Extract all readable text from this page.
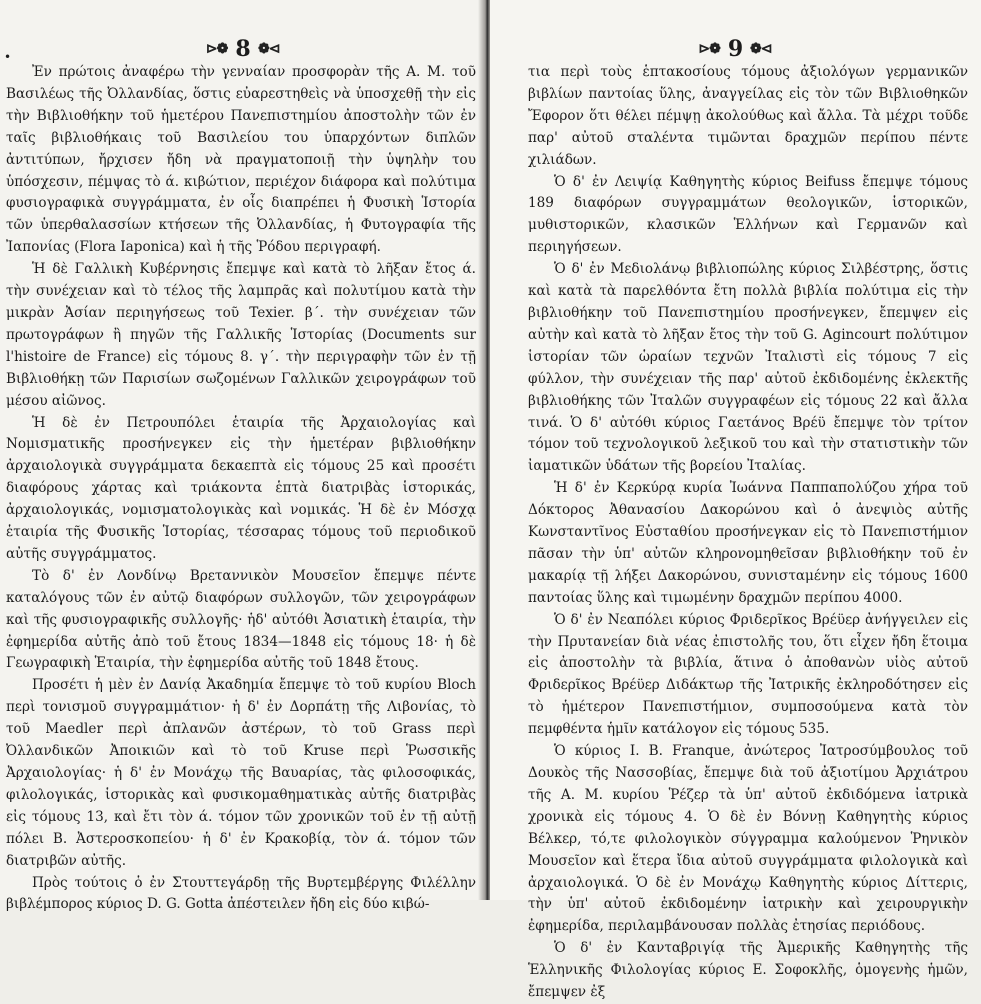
•	⊳❁ 8 ⊳❁

Ἐν πρώτοις ἀναφέρω τὴν γενναίαν προσφορὰν τῆς Α. Μ. τοῦ Βασιλέως τῆς Ὀλλανδίας, ὅστις εὐαρεστηθεὶς νὰ ὑποσχεθῇ τὴν εἰς τὴν Βιβλιοθήκην τοῦ ἡμετέρου Πανεπιστημίου ἀποστολὴν τῶν ἐν ταῖς βιβλιοθήκαις τοῦ Βασιλείου του ὑπαρχόντων διπλῶν ἀντιτύπων, ἤρχισεν ἤδη νὰ πραγματοποιῇ τὴν ὑψηλὴν του ὑπόσχεσιν, πέμψας τὸ ά. κιβώτιον, περιέχον διάφορα καὶ πολύτιμα φυσιογραφικὰ συγγράμματα, ἐν οἷς διαπρέπει ἡ Φυσικὴ Ἱστορία τῶν ὑπερθαλασσίων κτήσεων τῆς Ὀλλανδίας, ἡ Φυτογραφία τῆς Ἰαπονίας (Flora Iaponica) καὶ ἡ τῆς Ῥόδου περιγραφή.

Ἡ δὲ Γαλλικὴ Κυβέρνησις ἔπεμψε καὶ κατὰ τὸ λῆξαν ἔτος ά. τὴν συνέχειαν καὶ τὸ τέλος τῆς λαμπρᾶς καὶ πολυτίμου κατὰ τὴν μικρὰν Ἀσίαν περιηγήσεως τοῦ Texier. β΄. τὴν συνέχειαν τῶν πρωτογράφων ἢ πηγῶν τῆς Γαλλικῆς Ἱστορίας (Documents sur l'histoire de France) εἰς τόμους 8. γ΄. τὴν περιγραφὴν τῶν ἐν τῇ Βιβλιοθήκῃ τῶν Παρισίων σωζομένων Γαλλικῶν χειρογράφων τοῦ μέσου αἰῶνος.

Ἡ δὲ ἐν Πετρουπόλει ἑταιρία τῆς Ἀρχαιολογίας καὶ Νομισματικῆς προσήνεγκεν εἰς τὴν ἡμετέραν βιβλιοθήκην ἀρχαιολογικὰ συγγράμματα δεκαεπτὰ εἰς τόμους 25 καὶ προσέτι διαφόρους χάρτας καὶ τριάκοντα ἑπτὰ διατριβὰς ἱστορικάς, ἀρχαιολογικάς, νομισματολογικὰς καὶ νομικάς. Ἡ δὲ ἐν Μόσχᾳ ἑταιρία τῆς Φυσικῆς Ἱστορίας, τέσσαρας τόμους τοῦ περιοδικοῦ αὐτῆς συγγράμματος.

Τὸ δ' ἐν Λονδίνῳ Βρεταννικὸν Μουσεῖον ἔπεμψε πέντε καταλόγους τῶν ἐν αὐτῷ διαφόρων συλλογῶν, τῶν χειρογράφων καὶ τῆς φυσιογραφικῆς συλλογῆς· ἡδ' αὐτόθι Ἀσιατικὴ ἑταιρία, τὴν ἐφημερίδα αὐτῆς ἀπὸ τοῦ ἔτους 1834—1848 εἰς τόμους 18· ἡ δὲ Γεωγραφικὴ Ἑταιρία, τὴν ἐφημερίδα αὐτῆς τοῦ 1848 ἔτους.

Προσέτι ἡ μὲν ἐν Δανίᾳ Ἀκαδημία ἔπεμψε τὸ τοῦ κυρίου Bloch περὶ τονισμοῦ συγγραμμάτιον· ἡ δ' ἐν Δορπάτῃ τῆς Λιβονίας, τὸ τοῦ Maedler περὶ ἀπλανῶν ἀστέρων, τὸ τοῦ Grass περὶ Ὀλλανδικῶν Ἀποικιῶν καὶ τὸ τοῦ Kruse περὶ Ῥωσσικῆς Ἀρχαιολογίας· ἡ δ' ἐν Μονάχῳ τῆς Βαυαρίας, τὰς φιλοσοφικάς, φιλολογικάς, ἱστορικὰς καὶ φυσικομαθηματικὰς αὐτῆς διατριβὰς εἰς τόμους 13, καὶ ἔτι τὸν ά. τόμον τῶν χρονικῶν τοῦ ἐν τῇ αὐτῇ πόλει Β. Ἀστεροσκοπείου· ἡ δ' ἐν Κρακοβίᾳ, τὸν ά. τόμον τῶν διατριβῶν αὐτῆς.

Πρὸς τούτοις ὁ ἐν Στουττεγάρδῃ τῆς Βυρτεμβέργης Φιλέλλην βιβλέμπορος κύριος D. G. Gotta ἀπέστειλεν ἤδη εἰς δύο κιβώ-

⊳❁ 9 ⊳❁

τια περὶ τοὺς ἑπτακοσίους τόμους ἀξιολόγων γερμανικῶν βιβλίων παντοίας ὕλης, ἀναγγείλας εἰς τὸν τῶν Βιβλιοθηκῶν Ἔφορον ὅτι θέλει πέμψῃ ἀκολούθως καὶ ἄλλα. Τὰ μέχρι τοῦδε παρ' αὐτοῦ σταλέντα τιμῶνται δραχμῶν περίπου πέντε χιλιάδων.

Ὁ δ' ἐν Λειψίᾳ Καθηγητὴς κύριος Beifuss ἔπεμψε τόμους 189 διαφόρων συγγραμμάτων θεολογικῶν, ἱστορικῶν, μυθιστορικῶν, κλασικῶν Ἑλλήνων καὶ Γερμανῶν καὶ περιηγήσεων.

Ὁ δ' ἐν Μεδιολάνῳ βιβλιοπώλης κύριος Σιλβέστρης, ὅστις καὶ κατὰ τὰ παρελθόντα ἔτη πολλὰ βιβλία πολύτιμα εἰς τὴν βιβλιοθήκην τοῦ Πανεπιστημίου προσήνεγκεν, ἔπεμψεν εἰς αὐτὴν καὶ κατὰ τὸ λῆξαν ἔτος τὴν τοῦ G. Agincourt πολύτιμον ἱστορίαν τῶν ὡραίων τεχνῶν Ἰταλιστὶ εἰς τόμους 7 εἰς φύλλον, τὴν συνέχειαν τῆς παρ' αὐτοῦ ἐκδιδομένης ἐκλεκτῆς βιβλιοθήκης τῶν Ἰταλῶν συγγραφέων εἰς τόμους 22 καὶ ἄλλα τινά. Ὁ δ' αὐτόθι κύριος Γαετάνος Βρέϋ ἔπεμψε τὸν τρίτον τόμον τοῦ τεχνολογικοῦ λεξικοῦ του καὶ τὴν στατιστικὴν τῶν ἰαματικῶν ὑδάτων τῆς βορείου Ἰταλίας.

Ἡ δ' ἐν Κερκύρᾳ κυρία Ἰωάννα Παππαπολύζου χήρα τοῦ Δόκτορος Ἀθανασίου Δακορώνου καὶ ὁ ἀνεψιὸς αὐτῆς Κωνσταντῖνος Εὐσταθίου προσήνεγκαν εἰς τὸ Πανεπιστήμιον πᾶσαν τὴν ὑπ' αὐτῶν κληρονομηθεῖσαν βιβλιοθήκην τοῦ ἐν μακαρίᾳ τῇ λήξει Δακορώνου, συνισταμένην εἰς τόμους 1600 παντοίας ὕλης καὶ τιμωμένην δραχμῶν περίπου 4000.

Ὁ δ' ἐν Νεαπόλει κύριος Φριδερῖκος Βρέϋερ ἀνήγγειλεν εἰς τὴν Πρυτανείαν διὰ νέας ἐπιστολῆς του, ὅτι εἶχεν ἤδη ἕτοιμα εἰς ἀποστολὴν τὰ βιβλία, ἅτινα ὁ ἀποθανὼν υἱὸς αὐτοῦ Φριδερῖκος Βρέϋερ Διδάκτωρ τῆς Ἰατρικῆς ἐκληροδότησεν εἰς τὸ ἡμέτερον Πανεπιστήμιον, συμποσούμενα κατὰ τὸν πεμφθέντα ἡμῖν κατάλογον εἰς τόμους 535.

Ὁ κύριος I. B. Franque, ἀνώτερος Ἰατροσύμβουλος τοῦ Δουκὸς τῆς Νασσοβίας, ἔπεμψε διὰ τοῦ ἀξιοτίμου Ἀρχιάτρου τῆς Α. Μ. κυρίου Ῥέζερ τὰ ὑπ' αὐτοῦ ἐκδιδόμενα ἰατρικὰ χρονικὰ εἰς τόμους 4. Ὁ δὲ ἐν Βόννῃ Καθηγητὴς κύριος Βέλκερ, τό,τε φιλολογικὸν σύγγραμμα καλούμενον Ῥηνικὸν Μουσεῖον καὶ ἕτερα ἴδια αὐτοῦ συγγράμματα φιλολογικὰ καὶ ἀρχαιολογικά. Ὁ δὲ ἐν Μονάχῳ Καθηγητὴς κύριος Δίττερις, τὴν ὑπ' αὐτοῦ ἐκδιδομένην ἰατρικὴν καὶ χειρουργικὴν ἐφημερίδα, περιλαμβάνουσαν πολλὰς ἐτησίας περιόδους.

Ὁ δ' ἐν Κανταβριγίᾳ τῆς Ἀμερικῆς Καθηγητὴς τῆς Ἑλληνικῆς Φιλολογίας κύριος Ε. Σοφοκλῆς, ὁμογενὴς ἡμῶν, ἔπεμψεν ἐξ
